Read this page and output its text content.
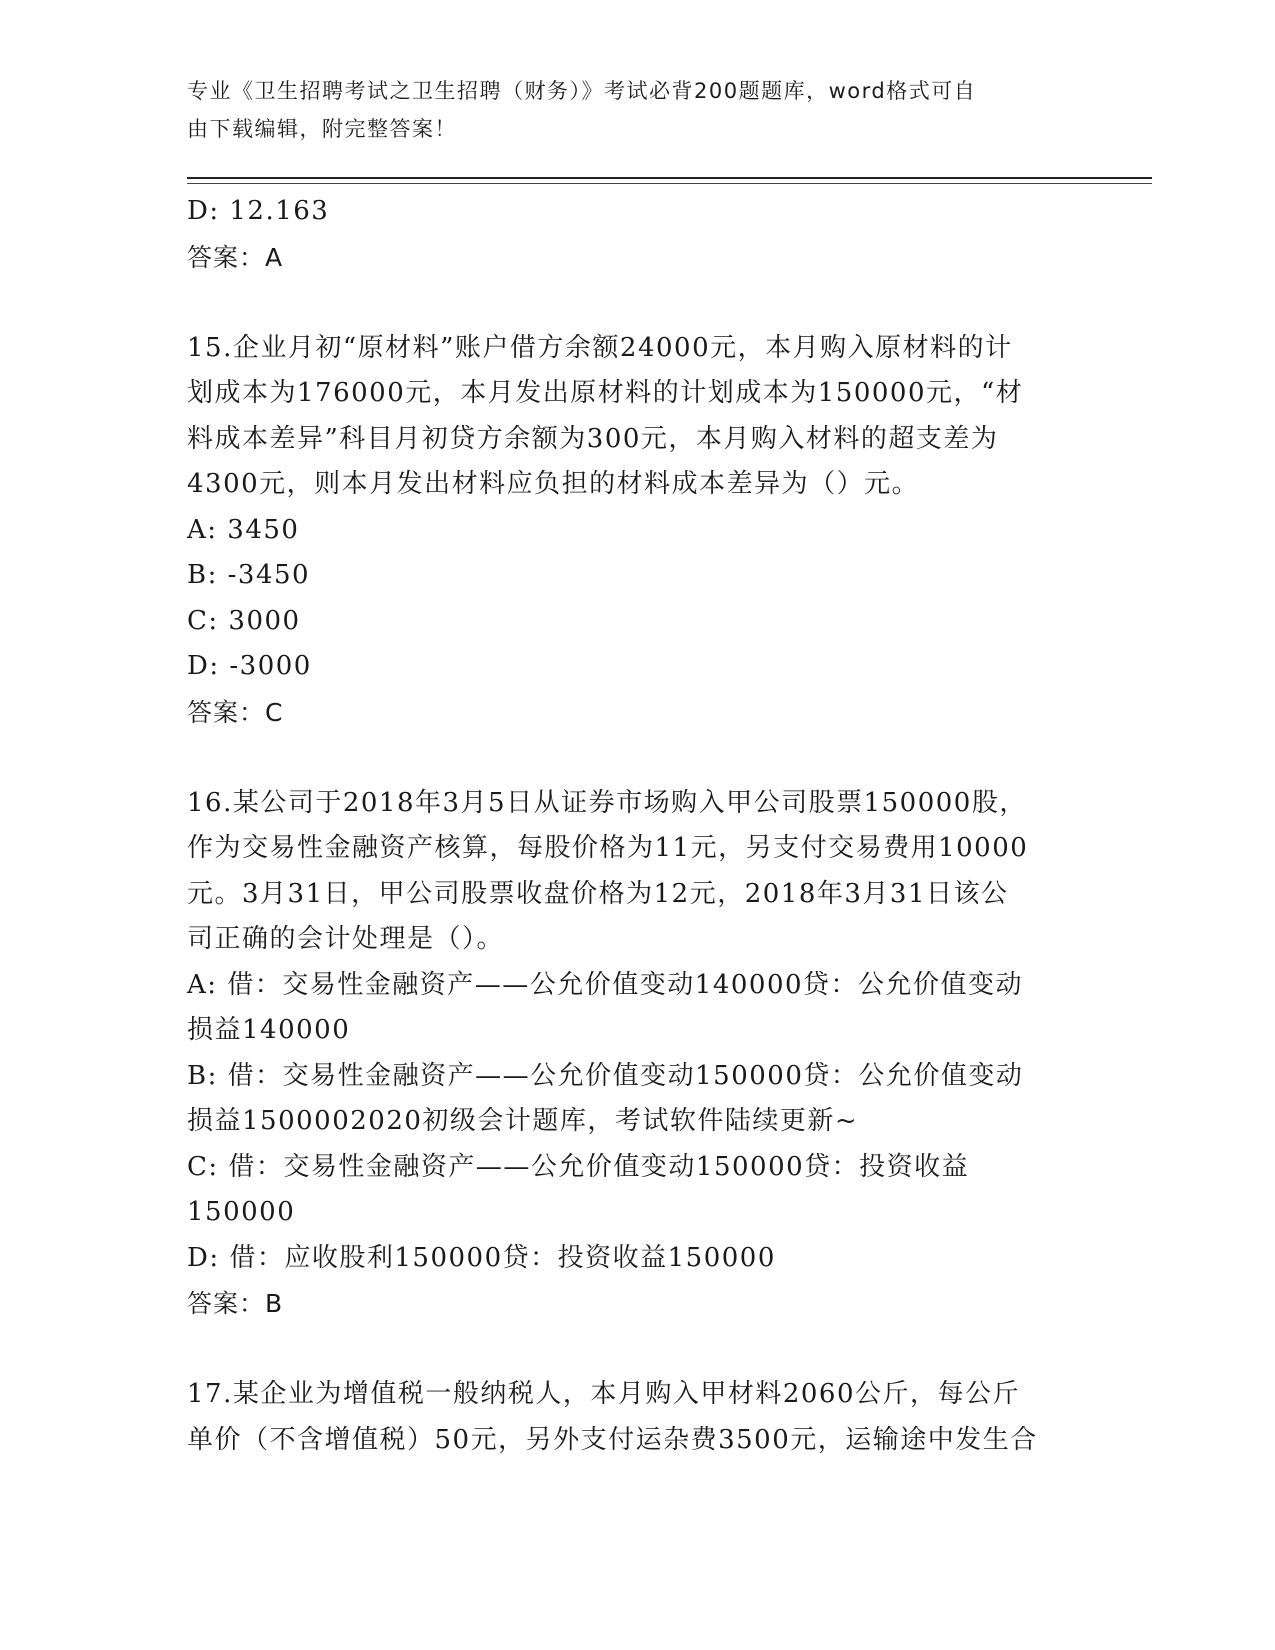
专业《卫生招聘考试之卫生招聘（财务）》考试必背200题题库，word格式可自
由下载编辑，附完整答案！
D: 12.163
答案：A
15.企业月初“原材料”账户借方余额24000元，本月购入原材料的计
划成本为176000元，本月发出原材料的计划成本为150000元，“材
料成本差异”科目月初贷方余额为300元，本月购入材料的超支差为
4300元，则本月发出材料应负担的材料成本差异为（）元。
A: 3450
B: -3450
C: 3000
D: -3000
答案：C
16.某公司于2018年3月5日从证券市场购入甲公司股票150000股，
作为交易性金融资产核算，每股价格为11元，另支付交易费用10000
元。3月31日，甲公司股票收盘价格为12元，2018年3月31日该公
司正确的会计处理是（）。
A: 借：交易性金融资产——公允价值变动140000贷：公允价值变动
损益140000
B: 借：交易性金融资产——公允价值变动150000贷：公允价值变动
损益1500002020初级会计题库，考试软件陆续更新~
C: 借：交易性金融资产——公允价值变动150000贷：投资收益
150000
D: 借：应收股利150000贷：投资收益150000
答案：B
17.某企业为增值税一般纳税人，本月购入甲材料2060公斤，每公斤
单价（不含增值税）50元，另外支付运杂费3500元，运输途中发生合
